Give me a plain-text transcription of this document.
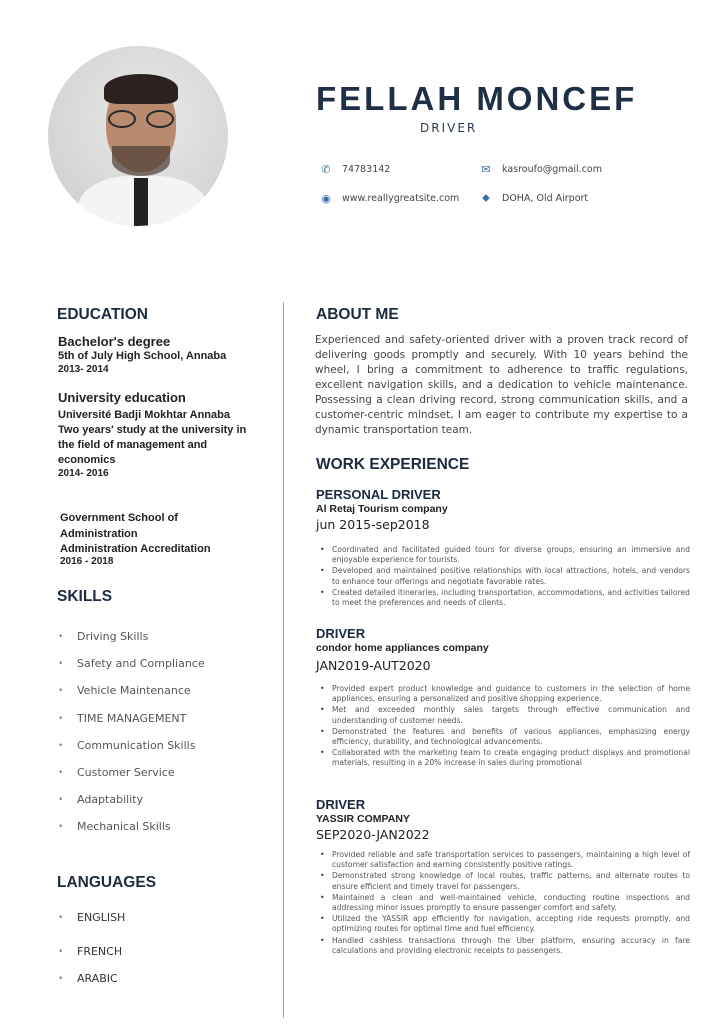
FELLAH MONCEF
DRIVER
✆ 74783142	✉ kasroufo@gmail.com
◉ www.reallygreatsite.com ⬥ DOHA, Old Airport
EDUCATION
Bachelor's degree
5th of July High School, Annaba
2013- 2014
University education
Université Badji Mokhtar Annaba
Two years' study at the university in
the field of management and
economics
2014- 2016
Government School of
Administration
Administration Accreditation
2016 - 2018
SKILLS
• Driving Skills
• Safety and Compliance
• Vehicle Maintenance
• TIME MANAGEMENT
• Communication Skills
• Customer Service
• Adaptability
• Mechanical Skills
LANGUAGES
• ENGLISH
• FRENCH
• ARABIC
ABOUT ME
Experienced and safety-oriented driver with a proven track record of delivering goods promptly and securely. With 10 years behind the wheel, I bring a commitment to adherence to traffic regulations, excellent navigation skills, and a dedication to vehicle maintenance. Possessing a clean driving record, strong communication skills, and a customer-centric mindset, I am eager to contribute my expertise to a dynamic transportation team.
WORK EXPERIENCE
PERSONAL DRIVER
Al Retaj Tourism company
jun 2015-sep2018
• Coordinated and facilitated guided tours for diverse groups, ensuring an immersive and enjoyable experience for tourists.
• Developed and maintained positive relationships with local attractions, hotels, and vendors to enhance tour offerings and negotiate favorable rates.
• Created detailed itineraries, including transportation, accommodations, and activities tailored to meet the preferences and needs of clients.
DRIVER
condor home appliances company
JAN2019-AUT2020
• Provided expert product knowledge and guidance to customers in the selection of home appliances, ensuring a personalized and positive shopping experience.
• Met and exceeded monthly sales targets through effective communication and understanding of customer needs.
• Demonstrated the features and benefits of various appliances, emphasizing energy efficiency, durability, and technological advancements.
• Collaborated with the marketing team to create engaging product displays and promotional materials, resulting in a 20% increase in sales during promotional
DRIVER
YASSIR COMPANY
SEP2020-JAN2022
• Provided reliable and safe transportation services to passengers, maintaining a high level of customer satisfaction and earning consistently positive ratings.
• Demonstrated strong knowledge of local routes, traffic patterns, and alternate routes to ensure efficient and timely travel for passengers.
• Maintained a clean and well-maintained vehicle, conducting routine inspections and addressing minor issues promptly to ensure passenger comfort and safety.
• Utilized the YASSIR app efficiently for navigation, accepting ride requests promptly, and optimizing routes for optimal time and fuel efficiency.
• Handled cashless transactions through the Uber platform, ensuring accuracy in fare calculations and providing electronic receipts to passengers.
